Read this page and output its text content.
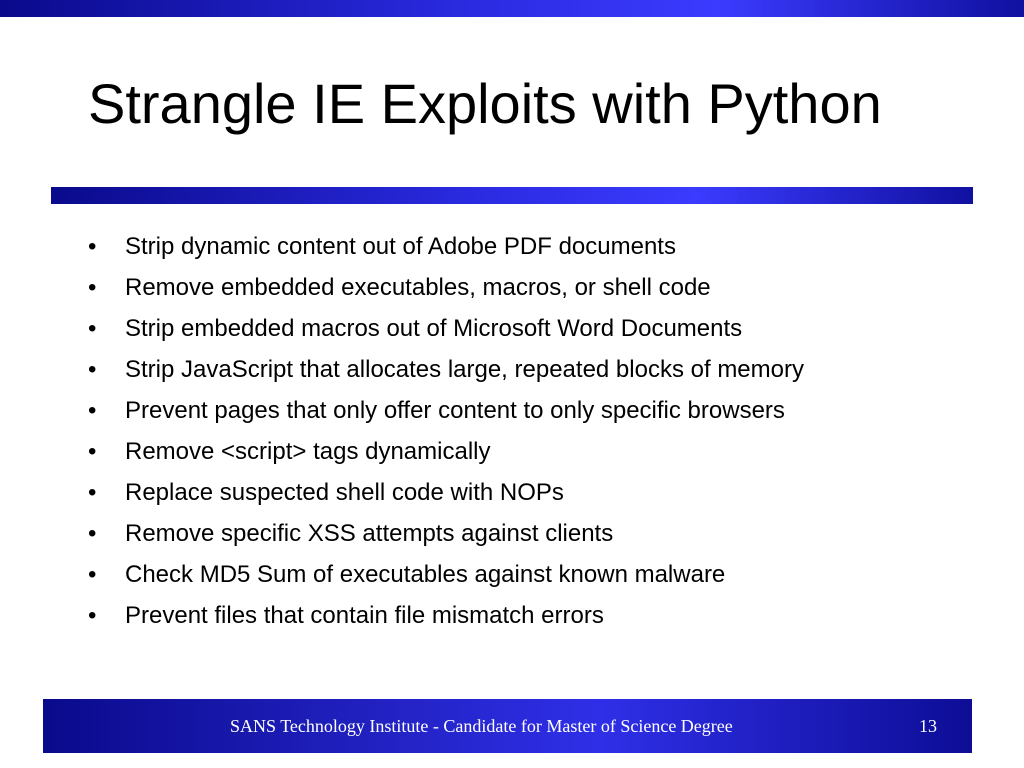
Strangle IE Exploits with Python
•	Strip dynamic content out of Adobe PDF documents
•	Remove embedded executables, macros, or shell code
•	Strip embedded macros out of Microsoft Word Documents
•	Strip JavaScript that allocates large, repeated blocks of memory
•	Prevent pages that only offer content to only specific browsers
•	Remove <script> tags dynamically
•	Replace suspected shell code with NOPs
•	Remove specific XSS attempts against clients
•	Check MD5 Sum of executables against known malware
•	Prevent files that contain file mismatch errors
SANS Technology Institute - Candidate for Master of Science Degree	13
